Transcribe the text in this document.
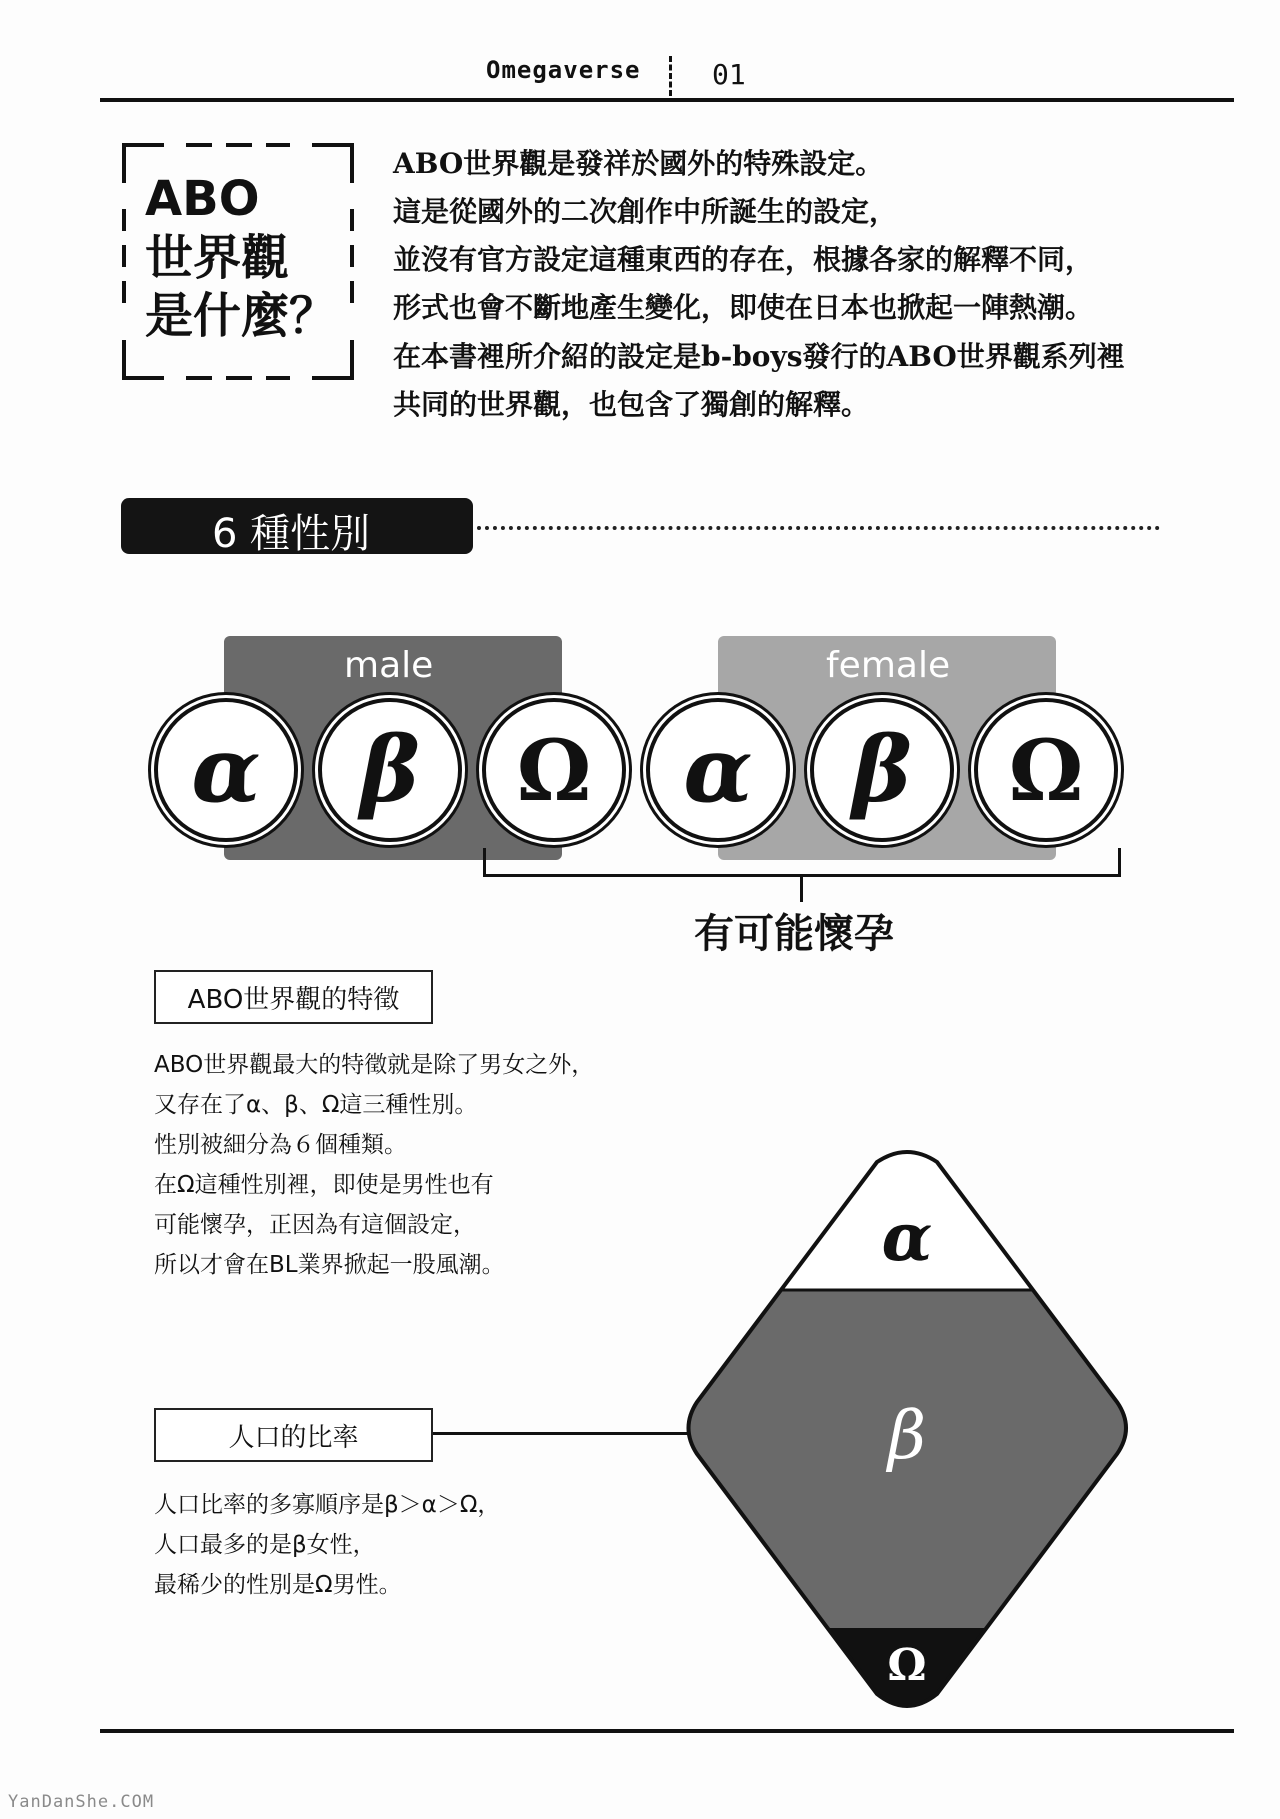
Omegaverse	01
ABO
世界觀
是什麼？
ABO世界觀是發祥於國外的特殊設定。
這是從國外的二次創作中所誕生的設定，
並沒有官方設定這種東西的存在，根據各家的解釋不同，
形式也會不斷地產生變化，即使在日本也掀起一陣熱潮。
在本書裡所介紹的設定是b-boys發行的ABO世界觀系列裡
共同的世界觀，也包含了獨創的解釋。
6 種性別
male	female
α	β	Ω	α	β	Ω
有可能懷孕
ABO世界觀的特徵
ABO世界觀最大的特徵就是除了男女之外，
又存在了α、β、Ω這三種性別。
性別被細分為６個種類。
在Ω這種性別裡，即使是男性也有
可能懷孕，正因為有這個設定，
所以才會在BL業界掀起一股風潮。
人口的比率
人口比率的多寡順序是β＞α＞Ω，
人口最多的是β女性，
最稀少的性別是Ω男性。
α
β
Ω
YanDanShe.COM
